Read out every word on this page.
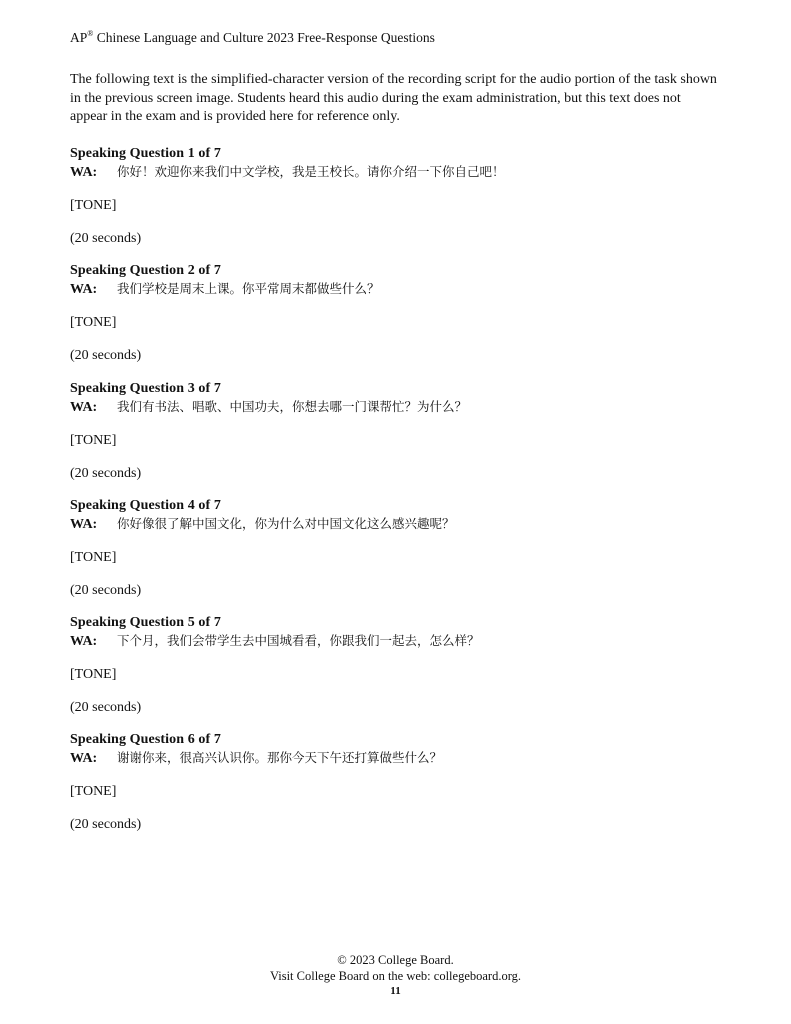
AP® Chinese Language and Culture 2023 Free-Response Questions
The following text is the simplified-character version of the recording script for the audio portion of the task shown in the previous screen image. Students heard this audio during the exam administration, but this text does not appear in the exam and is provided here for reference only.
Speaking Question 1 of 7
WA: 你好！欢迎你来我们中文学校，我是王校长。请你介绍一下你自己吧！
[TONE]
(20 seconds)
Speaking Question 2 of 7
WA: 我们学校是周末上课。你平常周末都做些什么？
[TONE]
(20 seconds)
Speaking Question 3 of 7
WA: 我们有书法、唱歌、中国功夫，你想去哪一门课帮忙？为什么？
[TONE]
(20 seconds)
Speaking Question 4 of 7
WA: 你好像很了解中国文化，你为什么对中国文化这么感兴趣呢？
[TONE]
(20 seconds)
Speaking Question 5 of 7
WA: 下个月，我们会带学生去中国城看看，你跟我们一起去，怎么样？
[TONE]
(20 seconds)
Speaking Question 6 of 7
WA: 谢谢你来，很高兴认识你。那你今天下午还打算做些什么？
[TONE]
(20 seconds)
© 2023 College Board.
Visit College Board on the web: collegeboard.org.
11
